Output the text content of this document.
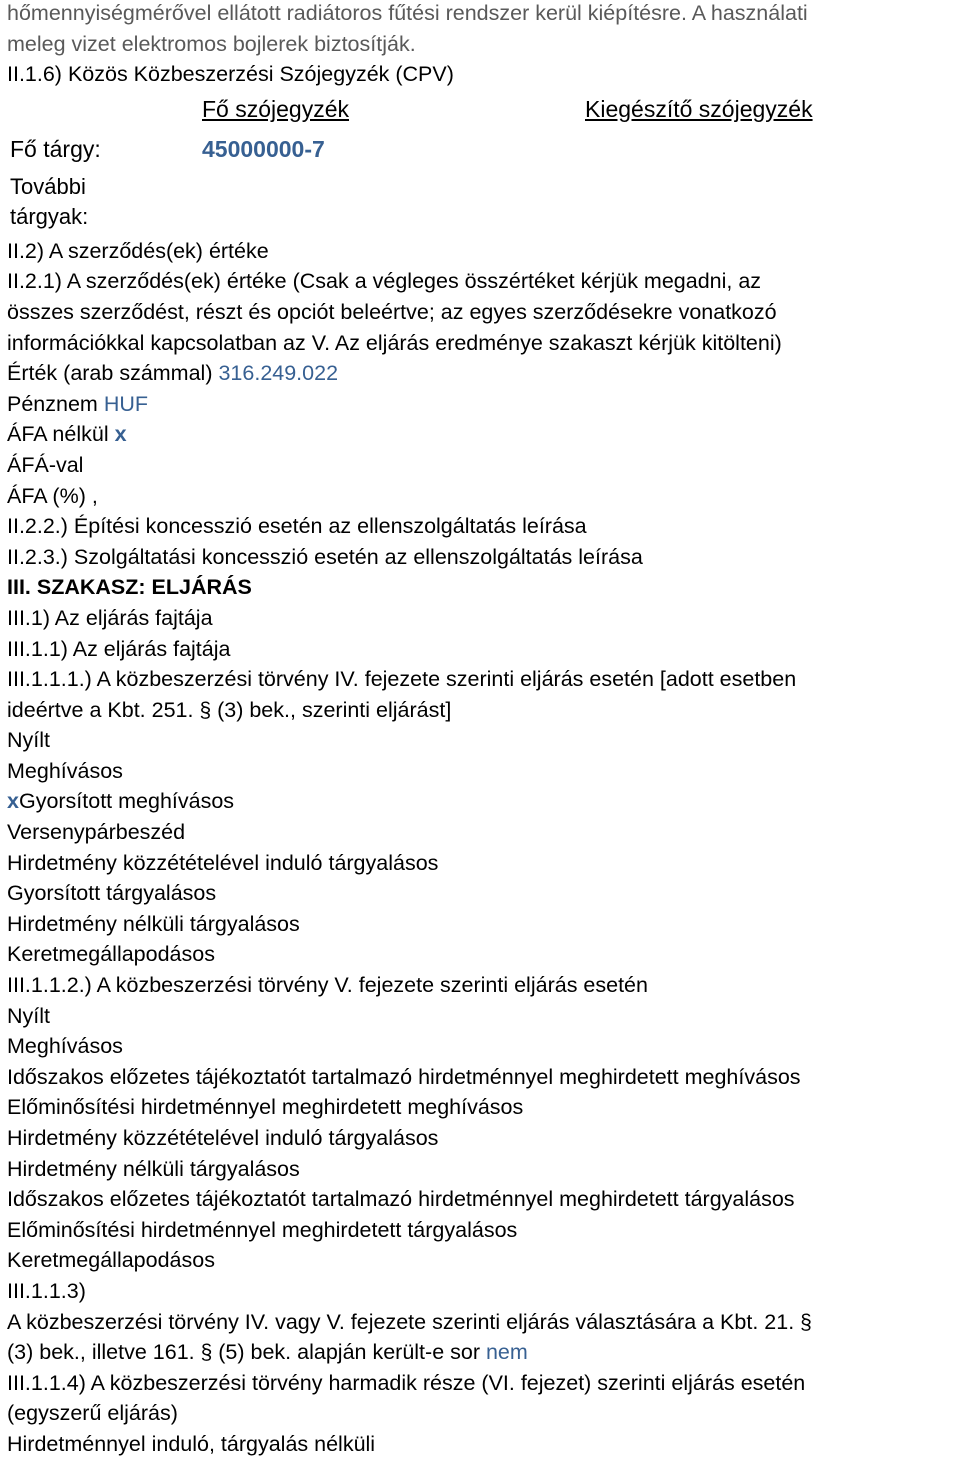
hőmennyiségmérővel ellátott radiátoros fűtési rendszer kerül kiépítésre. A használati
meleg vizet elektromos bojlerek biztosítják.
II.1.6) Közös Közbeszerzési Szójegyzék (CPV)
Fő szójegyzék	Kiegészítő szójegyzék
Fő tárgy:	45000000-7
További
tárgyak:
II.2) A szerződés(ek) értéke
II.2.1) A szerződés(ek) értéke (Csak a végleges összértéket kérjük megadni, az
összes szerződést, részt és opciót beleértve; az egyes szerződésekre vonatkozó
információkkal kapcsolatban az V. Az eljárás eredménye szakaszt kérjük kitölteni)
Érték (arab számmal) 316.249.022
Pénznem HUF
ÁFA nélkül x
ÁFÁ-val
ÁFA (%) ,
II.2.2.) Építési koncesszió esetén az ellenszolgáltatás leírása
II.2.3.) Szolgáltatási koncesszió esetén az ellenszolgáltatás leírása
III. SZAKASZ: ELJÁRÁS
III.1) Az eljárás fajtája
III.1.1) Az eljárás fajtája
III.1.1.1.) A közbeszerzési törvény IV. fejezete szerinti eljárás esetén [adott esetben
ideértve a Kbt. 251. § (3) bek., szerinti eljárást]
Nyílt
Meghívásos
xGyorsított meghívásos
Versenypárbeszéd
Hirdetmény közzétételével induló tárgyalásos
Gyorsított tárgyalásos
Hirdetmény nélküli tárgyalásos
Keretmegállapodásos
III.1.1.2.) A közbeszerzési törvény V. fejezete szerinti eljárás esetén
Nyílt
Meghívásos
Időszakos előzetes tájékoztatót tartalmazó hirdetménnyel meghirdetett meghívásos
Előminősítési hirdetménnyel meghirdetett meghívásos
Hirdetmény közzétételével induló tárgyalásos
Hirdetmény nélküli tárgyalásos
Időszakos előzetes tájékoztatót tartalmazó hirdetménnyel meghirdetett tárgyalásos
Előminősítési hirdetménnyel meghirdetett tárgyalásos
Keretmegállapodásos
III.1.1.3)
A közbeszerzési törvény IV. vagy V. fejezete szerinti eljárás választására a Kbt. 21. §
(3) bek., illetve 161. § (5) bek. alapján került-e sor nem
III.1.1.4) A közbeszerzési törvény harmadik része (VI. fejezet) szerinti eljárás esetén
(egyszerű eljárás)
Hirdetménnyel induló, tárgyalás nélküli
